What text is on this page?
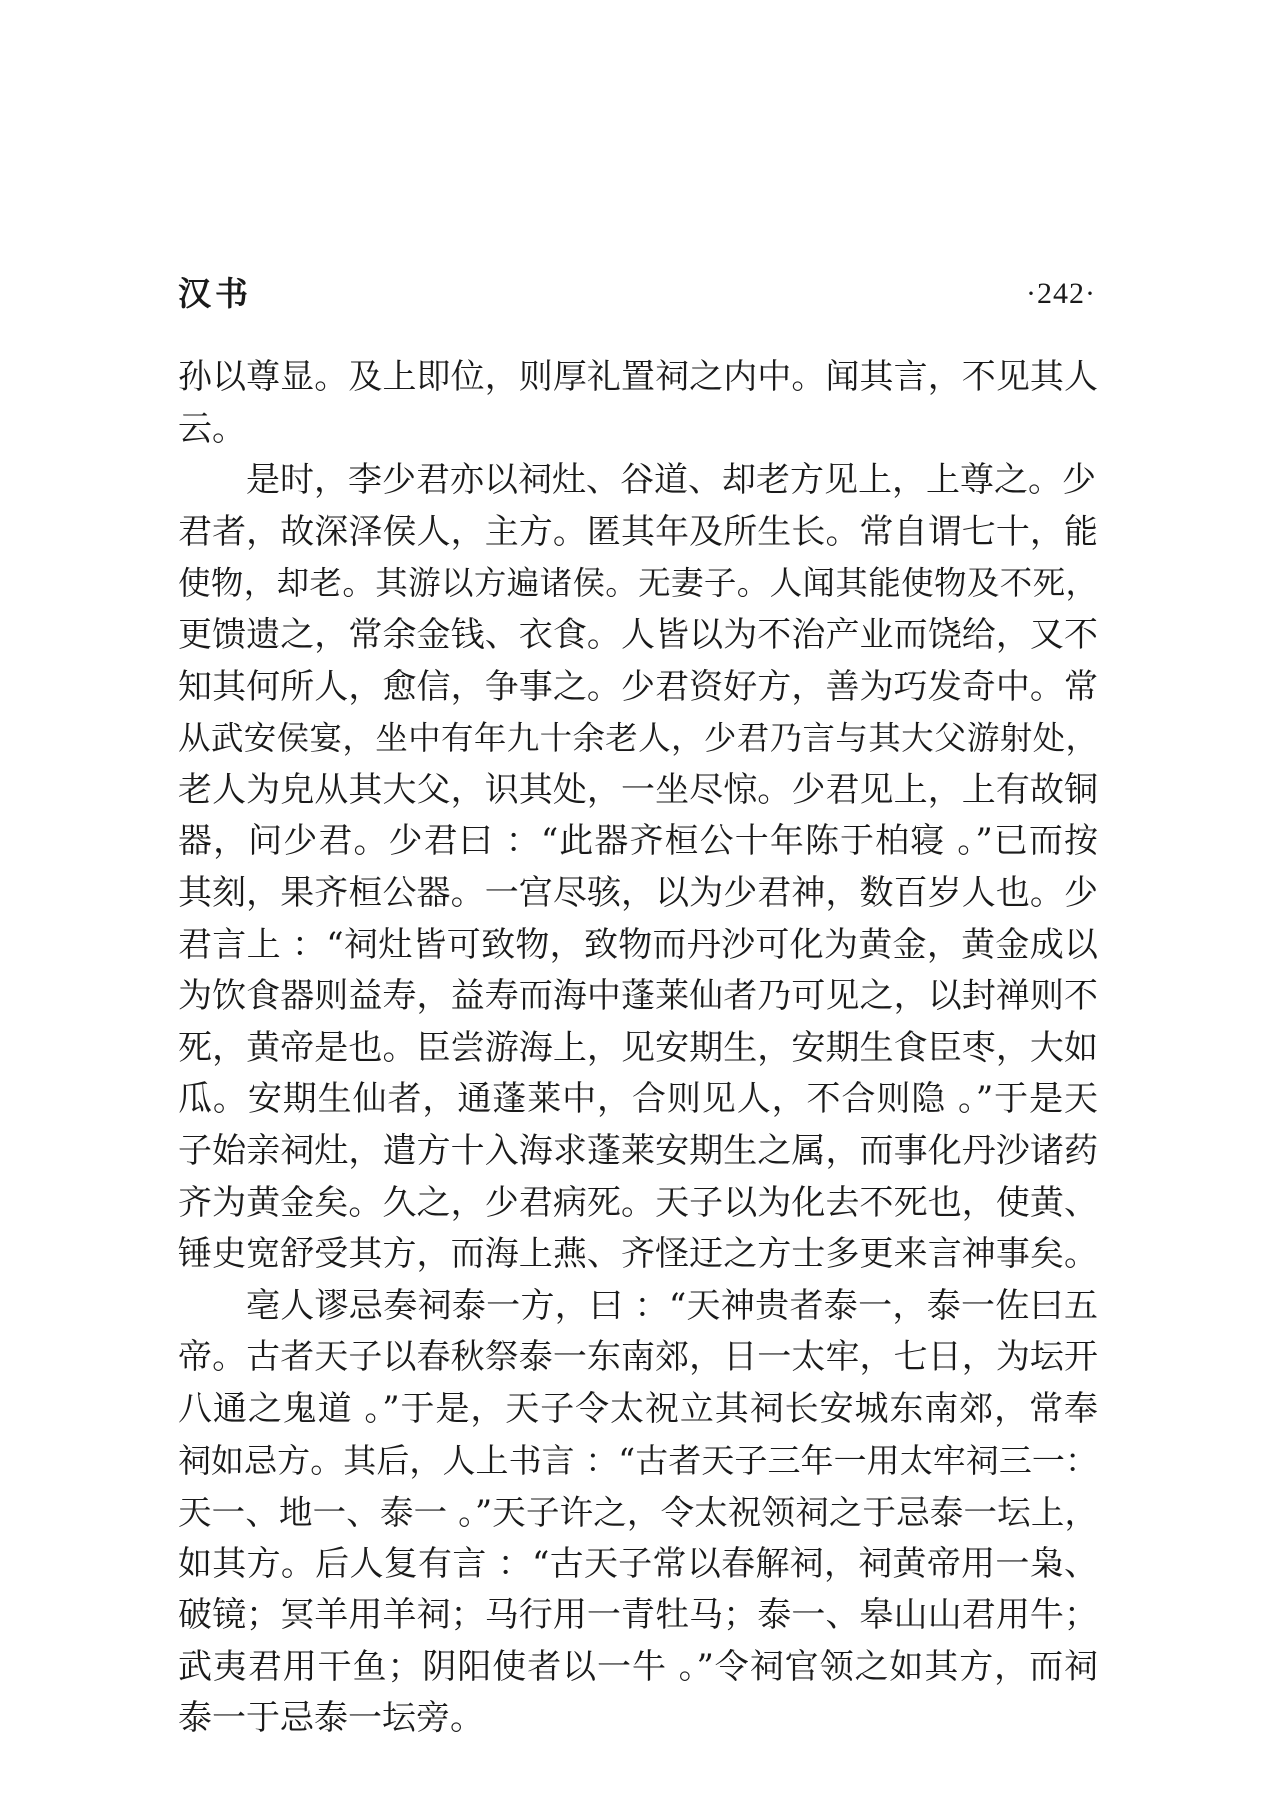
汉书	·242·
孙以尊显。及上即位，则厚礼置祠之内中。闻其言，不见其人
云。
是时，李少君亦以祠灶、谷道、却老方见上，上尊之。少
君者，故深泽侯人，主方。匿其年及所生长。常自谓七十，能
使物，却老。其游以方遍诸侯。无妻子。人闻其能使物及不死，
更馈遗之，常余金钱、衣食。人皆以为不治产业而饶给，又不
知其何所人，愈信，争事之。少君资好方，善为巧发奇中。常
从武安侯宴，坐中有年九十余老人，少君乃言与其大父游射处，
老人为皃从其大父，识其处，一坐尽惊。少君见上，上有故铜
器，问少君。少君曰 ：“此器齐桓公十年陈于柏寝 。”已而按
其刻，果齐桓公器。一宫尽骇，以为少君神，数百岁人也。少
君言上 ：“祠灶皆可致物，致物而丹沙可化为黄金，黄金成以
为饮食器则益寿，益寿而海中蓬莱仙者乃可见之，以封禅则不
死，黄帝是也。臣尝游海上，见安期生，安期生食臣枣，大如
瓜。安期生仙者，通蓬莱中，合则见人，不合则隐 。”于是天
子始亲祠灶，遣方十入海求蓬莱安期生之属，而事化丹沙诸药
齐为黄金矣。久之，少君病死。天子以为化去不死也，使黄、
锤史宽舒受其方，而海上燕、齐怪迂之方士多更来言神事矣。
亳人谬忌奏祠泰一方，曰 ：“天神贵者泰一，泰一佐曰五
帝。古者天子以春秋祭泰一东南郊，日一太牢，七日，为坛开
八通之鬼道 。”于是，天子令太祝立其祠长安城东南郊，常奉
祠如忌方。其后，人上书言 ：“古者天子三年一用太牢祠三一：
天一、地一、泰一 。”天子许之，令太祝领祠之于忌泰一坛上，
如其方。后人复有言 ：“古天子常以春解祠，祠黄帝用一枭、
破镜；冥羊用羊祠；马行用一青牡马；泰一、皋山山君用牛；
武夷君用干鱼；阴阳使者以一牛 。”令祠官领之如其方，而祠
泰一于忌泰一坛旁。
